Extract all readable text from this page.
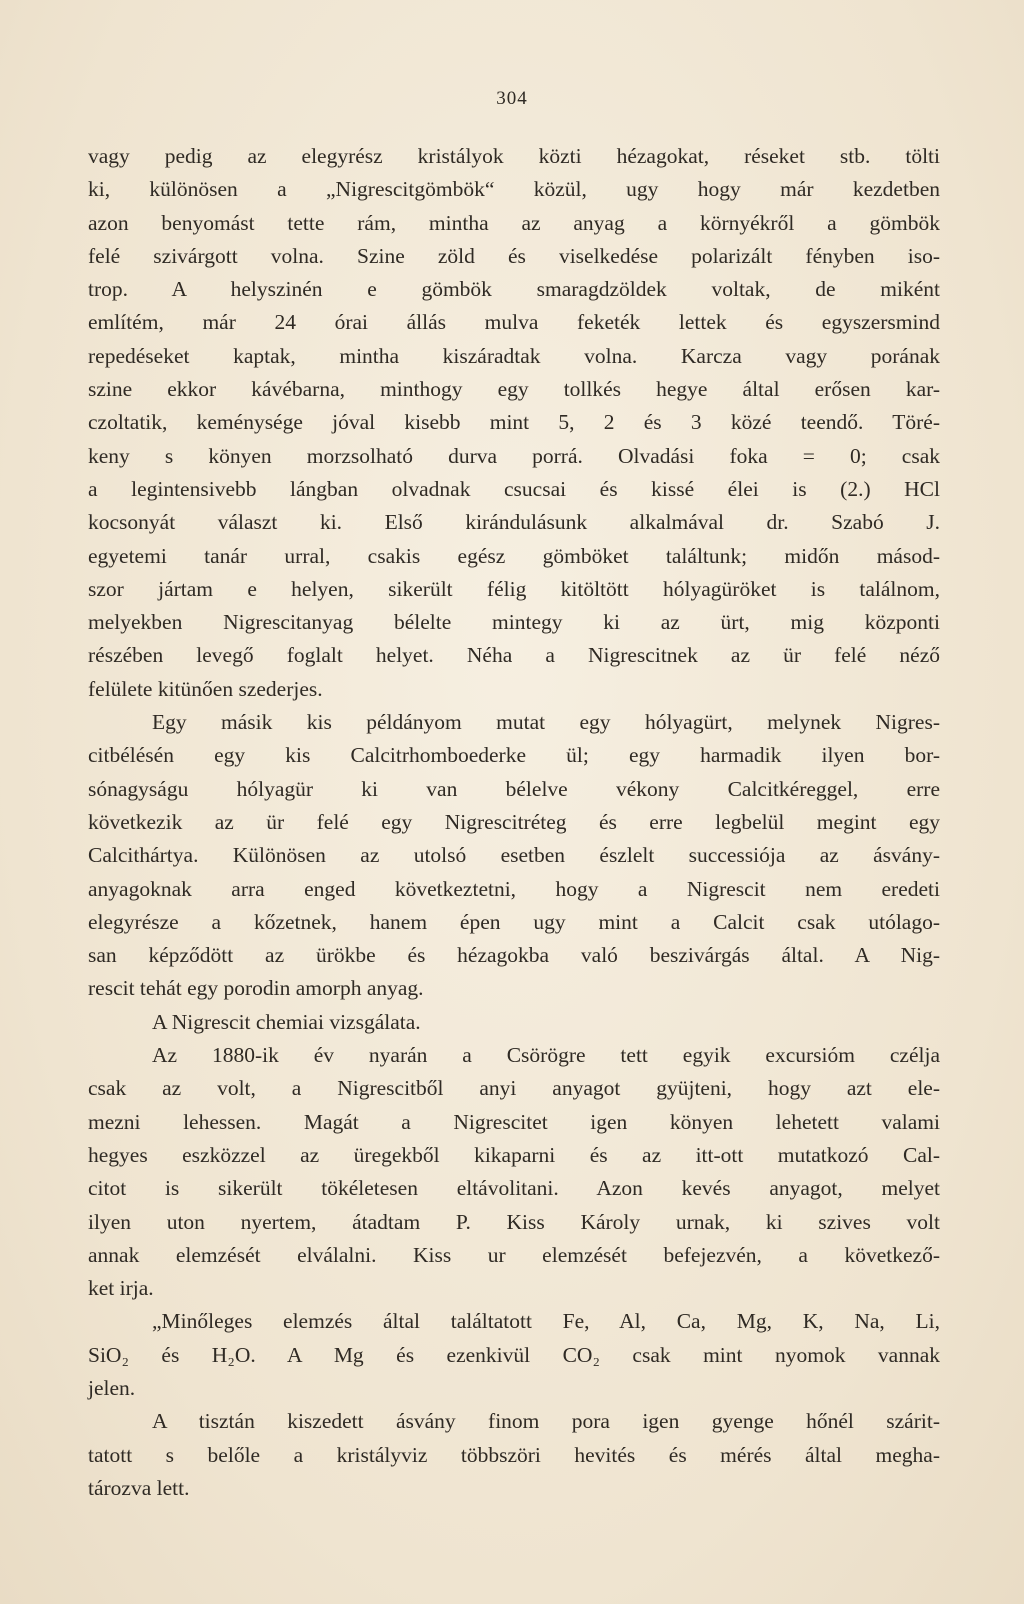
304
vagy pedig az elegyrész kristályok közti hézagokat, réseket stb. tölti
ki, különösen a „Nigrescitgömbök“ közül, ugy hogy már kezdetben
azon benyomást tette rám, mintha az anyag a környékről a gömbök
felé szivárgott volna. Szine zöld és viselkedése polarizált fényben iso-
trop. A helyszinén e gömbök smaragdzöldek voltak, de miként
említém, már 24 órai állás mulva feketék lettek és egyszersmind
repedéseket kaptak, mintha kiszáradtak volna. Karcza vagy porának
szine ekkor kávébarna, minthogy egy tollkés hegye által erősen kar-
czoltatik, keménysége jóval kisebb mint 5, 2 és 3 közé teendő. Töré-
keny s könyen morzsolható durva porrá. Olvadási foka = 0; csak
a legintensivebb lángban olvadnak csucsai és kissé élei is (2.) HCl
kocsonyát választ ki. Első kirándulásunk alkalmával dr. Szabó J.
egyetemi tanár urral, csakis egész gömböket találtunk; midőn másod-
szor jártam e helyen, sikerült félig kitöltött hólyagüröket is találnom,
melyekben Nigrescitanyag bélelte mintegy ki az ürt, mig központi
részében levegő foglalt helyet. Néha a Nigrescitnek az ür felé néző
felülete kitünően szederjes.
Egy másik kis példányom mutat egy hólyagürt, melynek Nigres-
citbélésén egy kis Calcitrhomboederke ül; egy harmadik ilyen bor-
sónagyságu hólyagür ki van bélelve vékony Calcitkéreggel, erre
következik az ür felé egy Nigrescitréteg és erre legbelül megint egy
Calcithártya. Különösen az utolsó esetben észlelt successiója az ásvány-
anyagoknak arra enged következtetni, hogy a Nigrescit nem eredeti
elegyrésze a kőzetnek, hanem épen ugy mint a Calcit csak utólago-
san képződött az ürökbe és hézagokba való beszivárgás által. A Nig-
rescit tehát egy porodin amorph anyag.
A Nigrescit chemiai vizsgálata.
Az 1880-ik év nyarán a Csörögre tett egyik excursióm czélja
csak az volt, a Nigrescitből anyi anyagot gyüjteni, hogy azt ele-
mezni lehessen. Magát a Nigrescitet igen könyen lehetett valami
hegyes eszközzel az üregekből kikaparni és az itt-ott mutatkozó Cal-
citot is sikerült tökéletesen eltávolitani. Azon kevés anyagot, melyet
ilyen uton nyertem, átadtam P. Kiss Károly urnak, ki szives volt
annak elemzését elválalni. Kiss ur elemzését befejezvén, a következő-
ket irja.
„Minőleges elemzés által találtatott Fe, Al, Ca, Mg, K, Na, Li,
SiO₂ és H₂O. A Mg és ezenkivül CO₂ csak mint nyomok vannak
jelen.
A tisztán kiszedett ásvány finom pora igen gyenge hőnél szárit-
tatott s belőle a kristályviz többszöri hevités és mérés által megha-
tározva lett.
